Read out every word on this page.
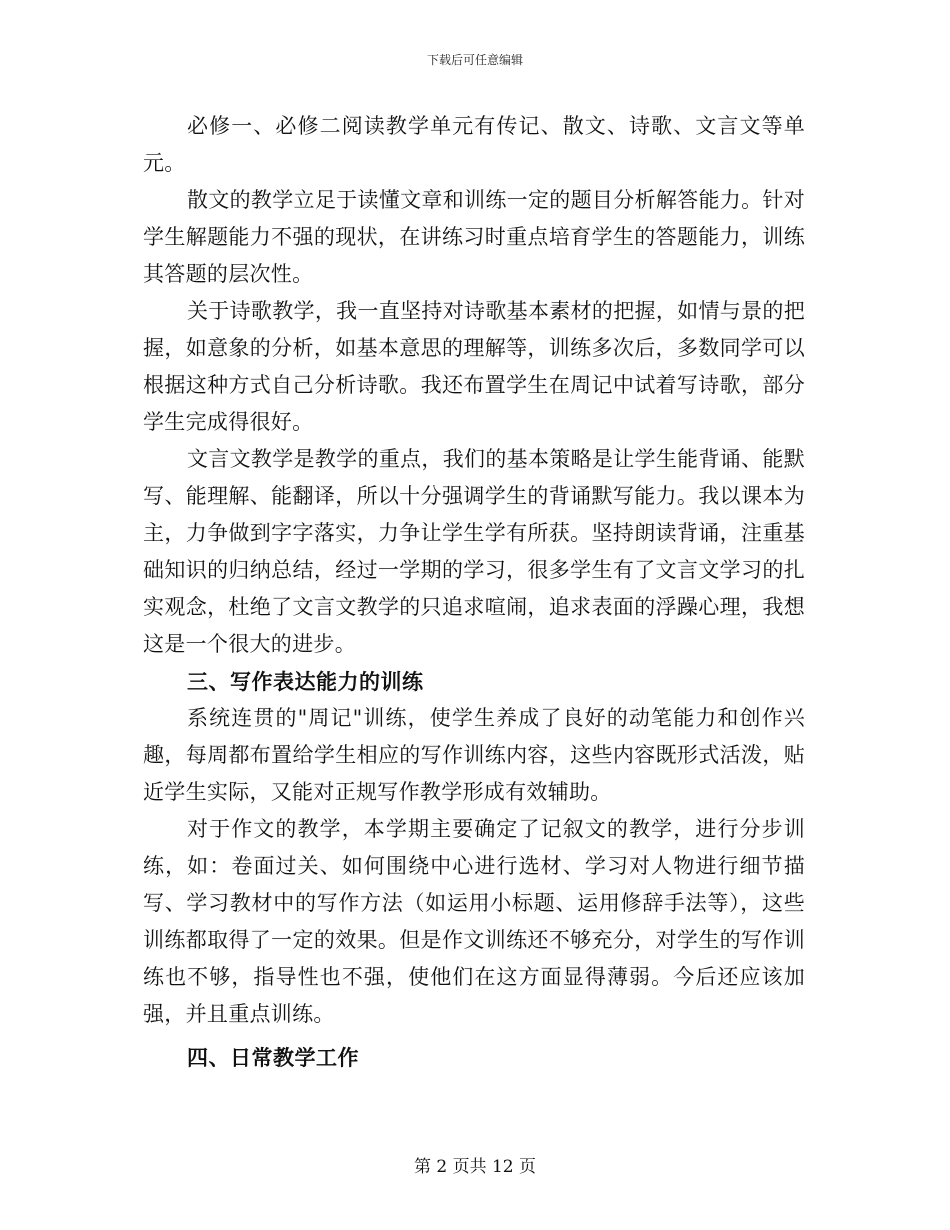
下载后可任意编辑

必修一、必修二阅读教学单元有传记、散文、诗歌、文言文等单元。

散文的教学立足于读懂文章和训练一定的题目分析解答能力。针对学生解题能力不强的现状，在讲练习时重点培育学生的答题能力，训练其答题的层次性。

关于诗歌教学，我一直坚持对诗歌基本素材的把握，如情与景的把握，如意象的分析，如基本意思的理解等，训练多次后，多数同学可以根据这种方式自己分析诗歌。我还布置学生在周记中试着写诗歌，部分学生完成得很好。

文言文教学是教学的重点，我们的基本策略是让学生能背诵、能默写、能理解、能翻译，所以十分强调学生的背诵默写能力。我以课本为主，力争做到字字落实，力争让学生学有所获。坚持朗读背诵，注重基础知识的归纳总结，经过一学期的学习，很多学生有了文言文学习的扎实观念，杜绝了文言文教学的只追求喧闹，追求表面的浮躁心理，我想这是一个很大的进步。

三、写作表达能力的训练

系统连贯的"周记"训练，使学生养成了良好的动笔能力和创作兴趣，每周都布置给学生相应的写作训练内容，这些内容既形式活泼，贴近学生实际，又能对正规写作教学形成有效辅助。

对于作文的教学，本学期主要确定了记叙文的教学，进行分步训练，如：卷面过关、如何围绕中心进行选材、学习对人物进行细节描写、学习教材中的写作方法（如运用小标题、运用修辞手法等），这些训练都取得了一定的效果。但是作文训练还不够充分，对学生的写作训练也不够，指导性也不强，使他们在这方面显得薄弱。今后还应该加强，并且重点训练。

四、日常教学工作

第 2 页共 12 页
